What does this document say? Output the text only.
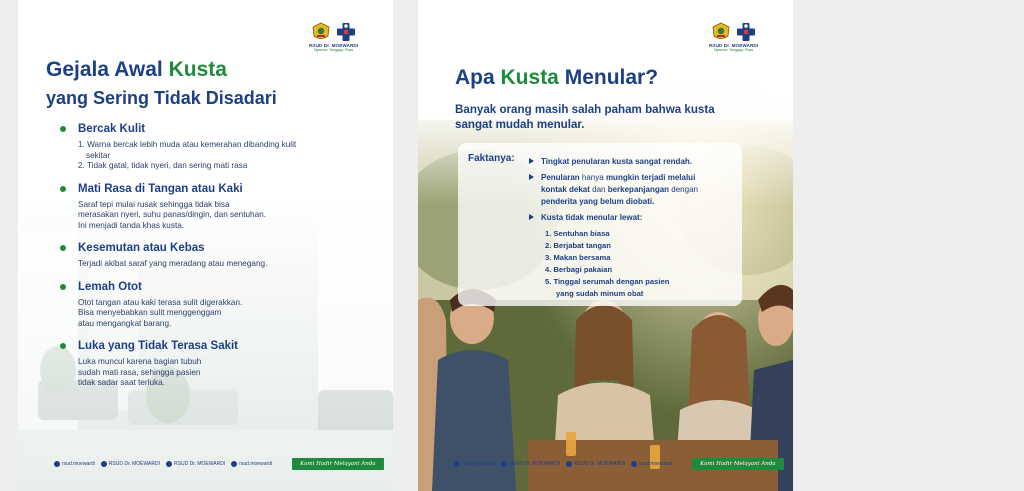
RSUD Dr. MOEWARDI
Nyaman, Tanggap, Puas
Gejala Awal Kusta
yang Sering Tidak Disadari
Bercak Kulit
1. Warna bercak lebih muda atau kemerahan dibanding kulit
sekitar
2. Tidak gatal, tidak nyeri, dan sering mati rasa
Mati Rasa di Tangan atau Kaki
Saraf tepi mulai rusak sehingga tidak bisa
merasakan nyeri, suhu panas/dingin, dan sentuhan.
Ini menjadi tanda khas kusta.
Kesemutan atau Kebas
Terjadi akibat saraf yang meradang atau menegang.
Lemah Otot
Otot tangan atau kaki terasa sulit digerakkan.
Bisa menyebabkan sulit menggenggam
atau mengangkat barang.
Luka yang Tidak Terasa Sakit
Luka muncul karena bagian tubuh
sudah mati rasa, sehingga pasien
tidak sadar saat terluka.
rsud.moewardi	RSUD Dr. MOEWARDI	RSUD Dr. MOEWARDI	rsud.moewardi	Kami Hadir Melayani Anda
RSUD Dr. MOEWARDI
Nyaman, Tanggap, Puas
Apa Kusta Menular?
Banyak orang masih salah paham bahwa kusta
sangat mudah menular.
Faktanya:	Tingkat penularan kusta sangat rendah.
Penularan hanya mungkin terjadi melalui
kontak dekat dan berkepanjangan dengan
penderita yang belum diobati.
Kusta tidak menular lewat:
1. Sentuhan biasa
2. Berjabat tangan
3. Makan bersama
4. Berbagi pakaian
5. Tinggal serumah dengan pasien
yang sudah minum obat
rsud.moewardi	RSUD Dr. MOEWARDI	RSUD Dr. MOEWARDI	rsud.moewardi	Kami Hadir Melayani Anda
